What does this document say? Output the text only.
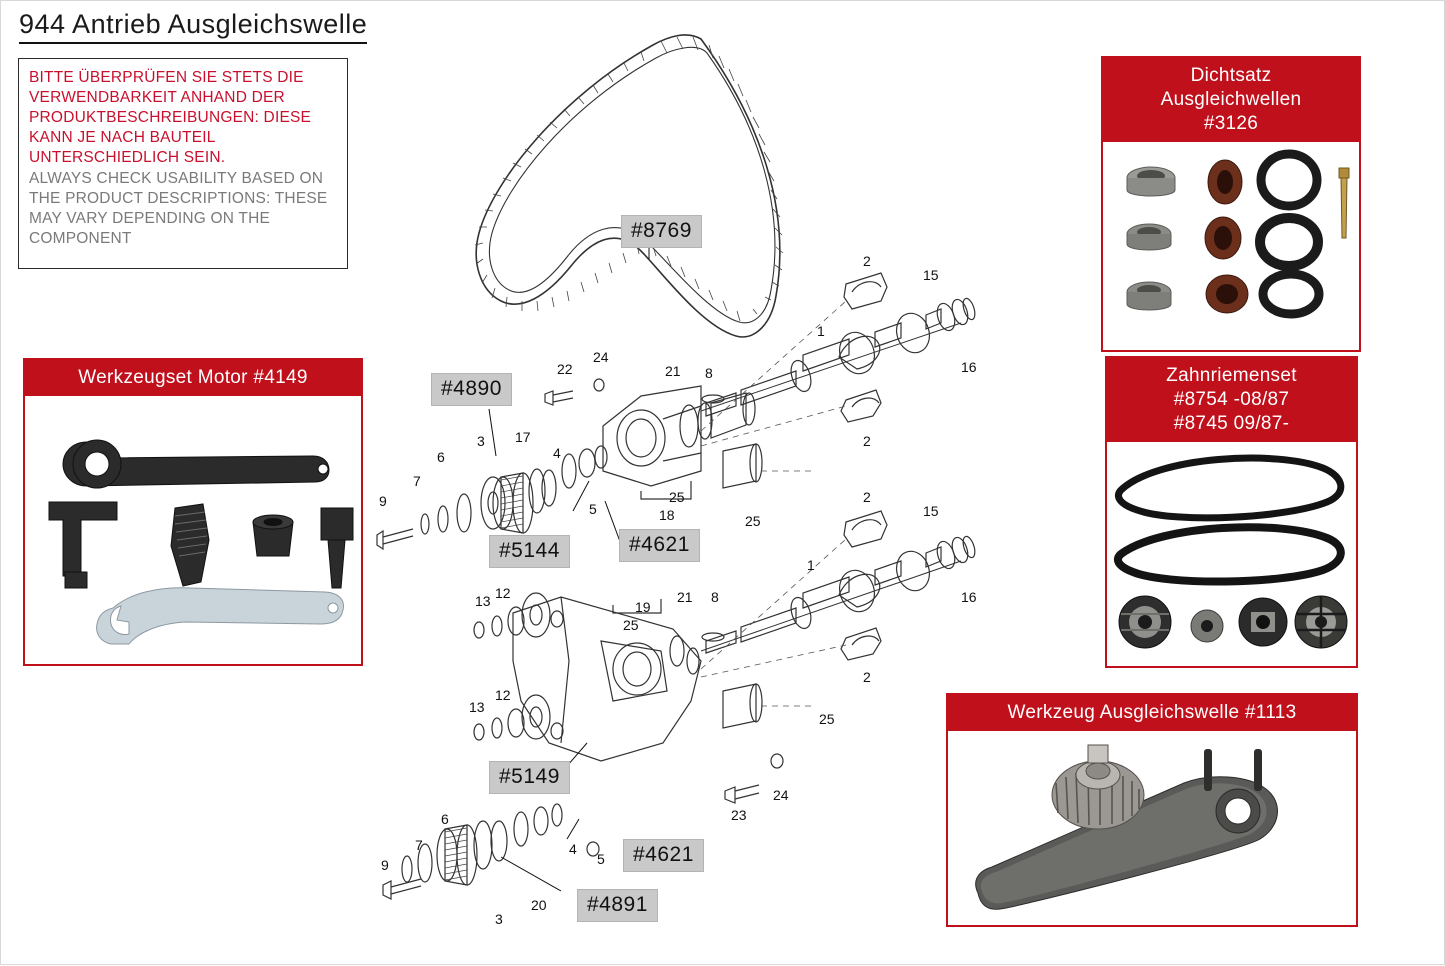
944 Antrieb Ausgleichswelle
BITTE ÜBERPRÜFEN SIE STETS DIE VERWENDBARKEIT ANHAND DER PRODUKTBESCHREIBUNGEN: DIESE KANN JE NACH BAUTEIL UNTERSCHIEDLICH SEIN.
ALWAYS CHECK USABILITY BASED ON THE PRODUCT DESCRIPTIONS: THESE MAY VARY DEPENDING ON THE COMPONENT	#8769
#4890
#4621
#5144
#5149
#4621
#4891
2
15
16
1
2
8
21
24
22
25
18	25
17
3
6
7
9
4
5
2
15
16
1
2
8
21
19
25
25
12
13
12
13
23
24
6
7
9
3
20
4
5
Werkzeugset Motor #4149
Dichtsatz
Ausgleichwellen
#3126
Zahnriemenset
#8754 -08/87
#8745 09/87-
Werkzeug Ausgleichswelle #1113
